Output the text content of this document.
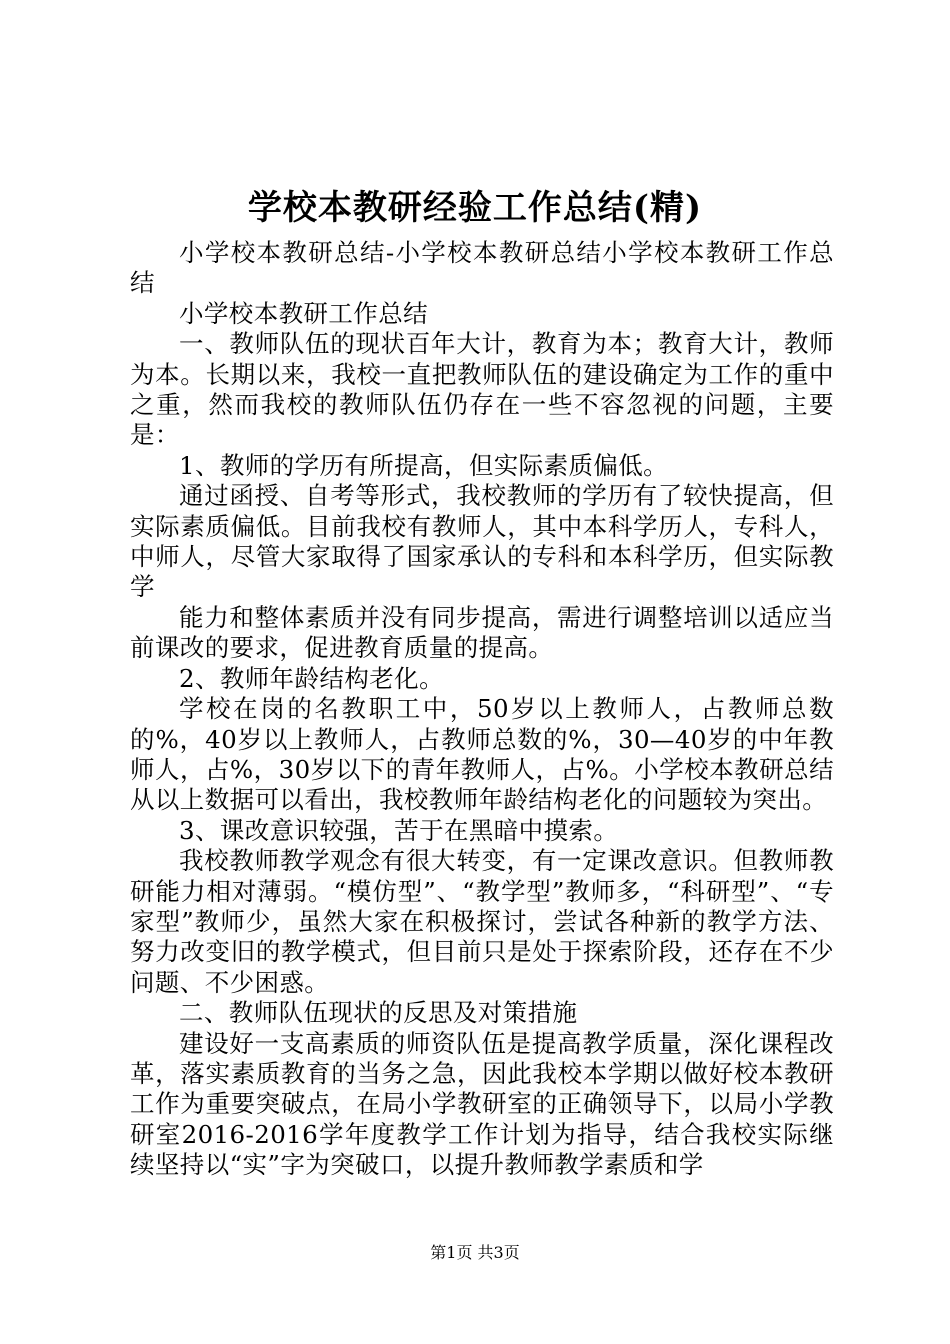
学校本教研经验工作总结(精)

小学校本教研总结-小学校本教研总结小学校本教研工作总结

小学校本教研工作总结

一、教师队伍的现状百年大计，教育为本；教育大计，教师为本。长期以来，我校一直把教师队伍的建设确定为工作的重中之重，然而我校的教师队伍仍存在一些不容忽视的问题，主要是：

1、教师的学历有所提高，但实际素质偏低。

通过函授、自考等形式，我校教师的学历有了较快提高，但实际素质偏低。目前我校有教师人，其中本科学历人，专科人，中师人，尽管大家取得了国家承认的专科和本科学历，但实际教学

能力和整体素质并没有同步提高，需进行调整培训以适应当前课改的要求，促进教育质量的提高。

2、教师年龄结构老化。

学校在岗的名教职工中，50岁以上教师人，占教师总数的%，40岁以上教师人，占教师总数的%，30—40岁的中年教师人，占%，30岁以下的青年教师人，占%。小学校本教研总结从以上数据可以看出，我校教师年龄结构老化的问题较为突出。

3、课改意识较强，苦于在黑暗中摸索。

我校教师教学观念有很大转变，有一定课改意识。但教师教研能力相对薄弱。“模仿型”、“教学型”教师多，“科研型”、“专家型”教师少，虽然大家在积极探讨，尝试各种新的教学方法、努力改变旧的教学模式，但目前只是处于探索阶段，还存在不少问题、不少困惑。

二、教师队伍现状的反思及对策措施

建设好一支高素质的师资队伍是提高教学质量，深化课程改革，落实素质教育的当务之急，因此我校本学期以做好校本教研工作为重要突破点，在局小学教研室的正确领导下，以局小学教研室2016-2016学年度教学工作计划为指导，结合我校实际继续坚持以“实”字为突破口，以提升教师教学素质和学

第1页 共3页
